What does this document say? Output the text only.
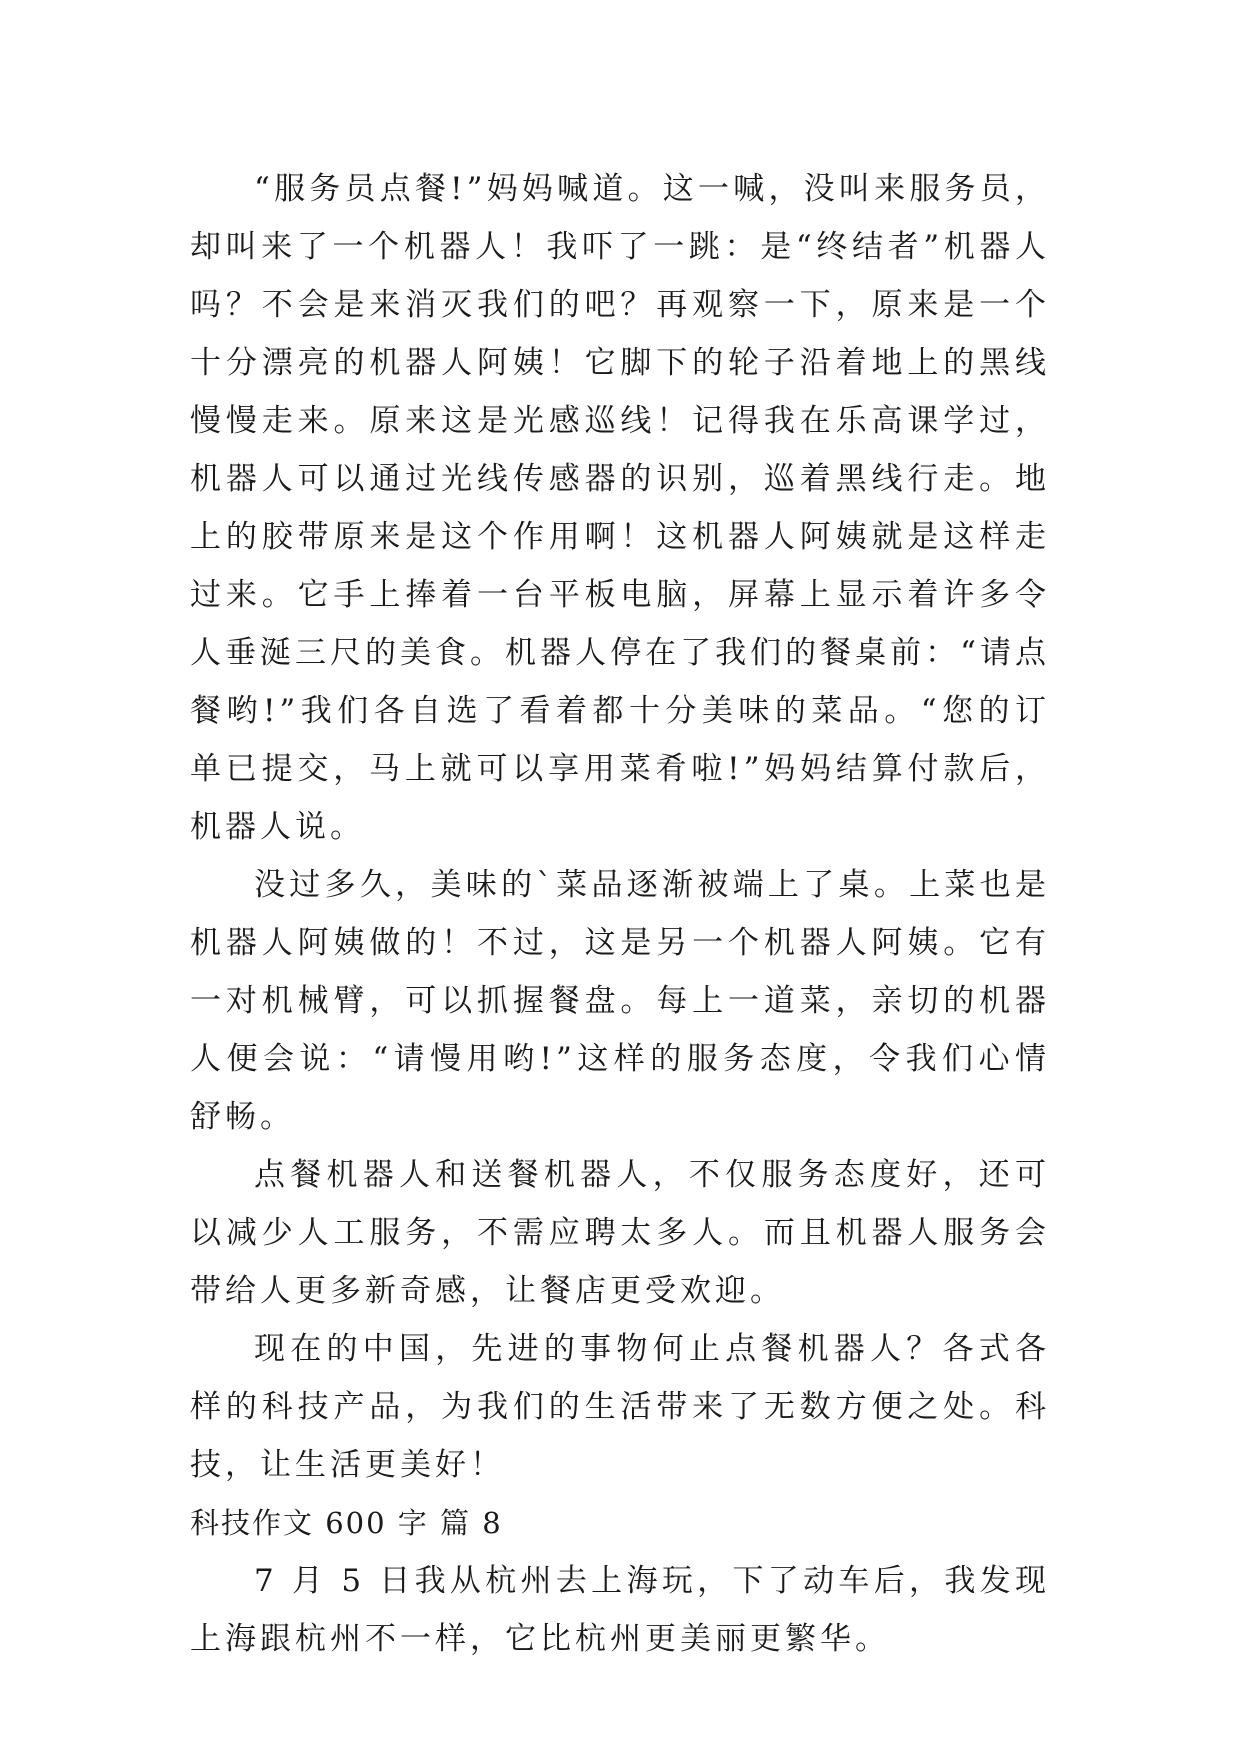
“服务员点餐!”妈妈喊道。这一喊，没叫来服务员，却叫来了一个机器人！我吓了一跳：是“终结者”机器人吗？不会是来消灭我们的吧？再观察一下，原来是一个十分漂亮的机器人阿姨！它脚下的轮子沿着地上的黑线慢慢走来。原来这是光感巡线！记得我在乐高课学过，机器人可以通过光线传感器的识别，巡着黑线行走。地上的胶带原来是这个作用啊！这机器人阿姨就是这样走过来。它手上捧着一台平板电脑，屏幕上显示着许多令人垂涎三尺的美食。机器人停在了我们的餐桌前：“请点餐哟!”我们各自选了看着都十分美味的菜品。“您的订单已提交，马上就可以享用菜肴啦!”妈妈结算付款后，机器人说。

没过多久，美味的`菜品逐渐被端上了桌。上菜也是机器人阿姨做的！不过，这是另一个机器人阿姨。它有一对机械臂，可以抓握餐盘。每上一道菜，亲切的机器人便会说：“请慢用哟!”这样的服务态度，令我们心情舒畅。

点餐机器人和送餐机器人，不仅服务态度好，还可以减少人工服务，不需应聘太多人。而且机器人服务会带给人更多新奇感，让餐店更受欢迎。

现在的中国，先进的事物何止点餐机器人？各式各样的科技产品，为我们的生活带来了无数方便之处。科技，让生活更美好！

科技作文 600 字 篇 8

7 月 5 日我从杭州去上海玩，下了动车后，我发现上海跟杭州不一样，它比杭州更美丽更繁华。
